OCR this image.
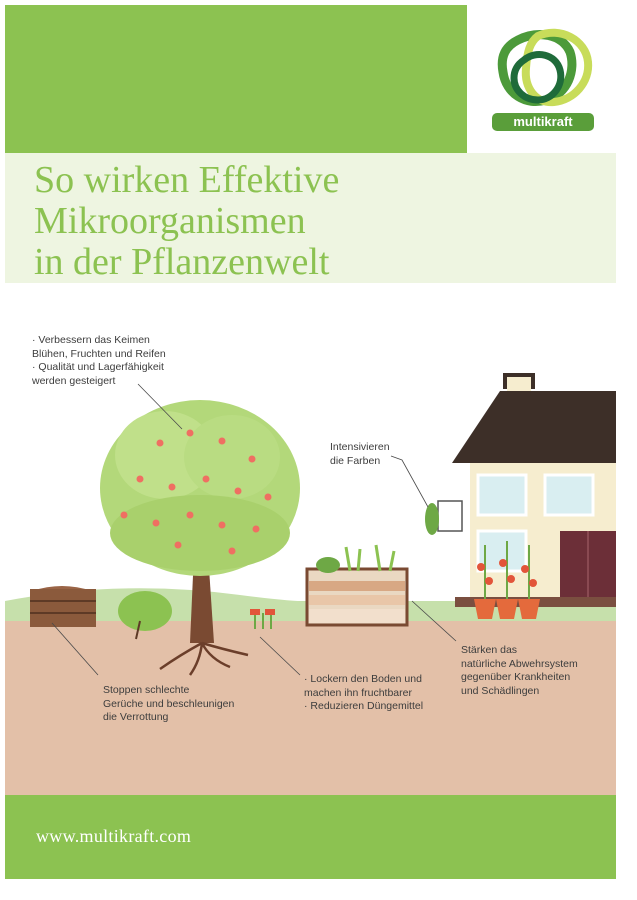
multikraft
So wirken Effektive
Mikroorganismen
in der Pflanzenwelt

· Verbessern das Keimen
Blühen, Fruchten und Reifen
· Qualität und Lagerfähigkeit
werden gesteigert

Intensivieren
die Farben

Stoppen schlechte
Gerüche und beschleunigen
die Verrottung

· Lockern den Boden und
machen ihn fruchtbarer
· Reduzieren Düngemittel

Stärken das
natürliche Abwehrsystem
gegenüber Krankheiten
und Schädlingen

www.multikraft.com
